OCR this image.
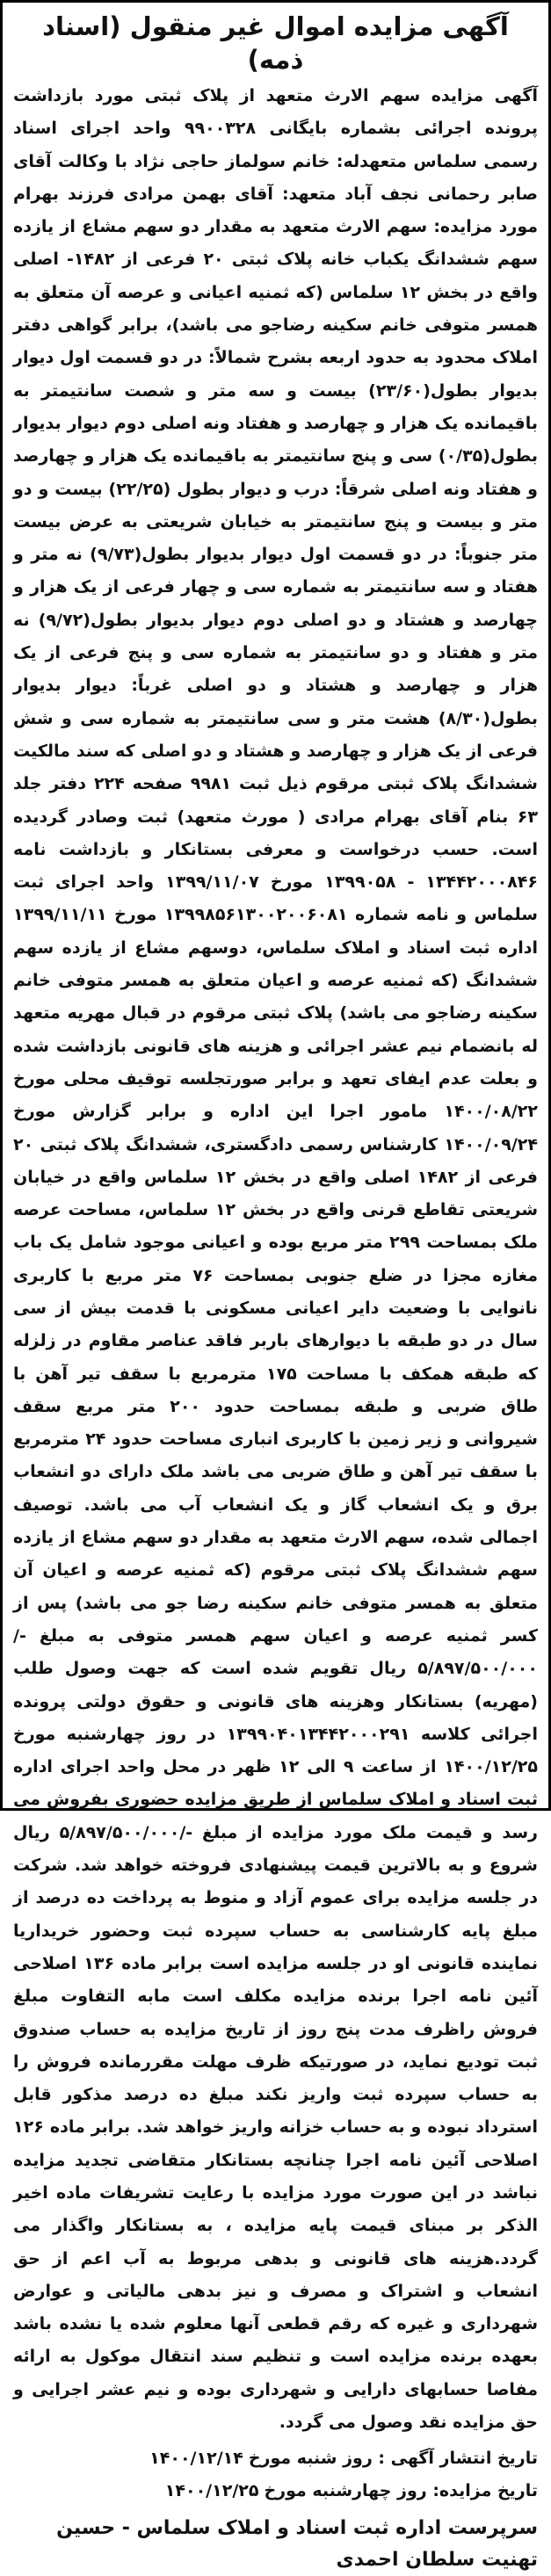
آگهی مزایده اموال غیر منقول (اسناد ذمه)

آگهی مزایده سهم الارث متعهد از پلاک ثبتی مورد بازداشت پرونده اجرائی بشماره بایگانی ۹۹۰۰۳۲۸ واحد اجرای اسناد رسمی سلماس متعهدله: خانم سولماز حاجی نژاد با وکالت آقای صابر رحمانی نجف آباد متعهد: آقای بهمن مرادی فرزند بهرام مورد مزایده: سهم الارث متعهد به مقدار دو سهم مشاع از یازده سهم ششدانگ یکباب خانه پلاک ثبتی ۲۰ فرعی از ۱۴۸۲- اصلی واقع در بخش ۱۲ سلماس (که ثمنیه اعیانی و عرصه آن متعلق به همسر متوفی خانم سکینه رضاجو می باشد)، برابر گواهی دفتر املاک محدود به حدود اربعه بشرح شمالاً: در دو قسمت اول دیوار بدیوار بطول(۲۳/۶۰) بیست و سه متر و شصت سانتیمتر به باقیمانده یک هزار و چهارصد و هفتاد ونه اصلی دوم دیوار بدیوار بطول(۰/۳۵) سی و پنج سانتیمتر به باقیمانده یک هزار و چهارصد و هفتاد ونه اصلی شرقاً: درب و دیوار بطول (۲۲/۲۵) بیست و دو متر و بیست و پنج سانتیمتر به خیابان شریعتی به عرض بیست متر جنوباً: در دو قسمت اول دیوار بدیوار بطول(۹/۷۳) نه متر و هفتاد و سه سانتیمتر به شماره سی و چهار فرعی از یک هزار و چهارصد و هشتاد و دو اصلی دوم دیوار بدیوار بطول(۹/۷۲) نه متر و هفتاد و دو سانتیمتر به شماره سی و پنج فرعی از یک هزار و چهارصد و هشتاد و دو اصلی غرباً: دیوار بدیوار بطول(۸/۳۰) هشت متر و سی سانتیمتر به شماره سی و شش فرعی از یک هزار و چهارصد و هشتاد و دو اصلی که سند مالکیت ششدانگ پلاک ثبتی مرقوم ذیل ثبت ۹۹۸۱ صفحه ۲۲۴ دفتر جلد ۶۳ بنام آقای بهرام مرادی ( مورث متعهد) ثبت وصادر گردیده است. حسب درخواست و معرفی بستانکار و بازداشت نامه ۱۳۴۴۲۰۰۰۸۴۶ - ۱۳۹۹۰۵۸ مورخ ۱۳۹۹/۱۱/۰۷ واحد اجرای ثبت سلماس و نامه شماره ۱۳۹۹۸۵۶۱۳۰۰۲۰۰۶۰۸۱ مورخ ۱۳۹۹/۱۱/۱۱ اداره ثبت اسناد و املاک سلماس، دوسهم مشاع از یازده سهم ششدانگ (که ثمنیه عرصه و اعیان متعلق به همسر متوفی خانم سکینه رضاجو می باشد) پلاک ثبتی مرقوم در قبال مهریه متعهد له بانضمام نیم عشر اجرائی و هزینه های قانونی بازداشت شده و بعلت عدم ایفای تعهد و برابر صورتجلسه توقیف محلی مورخ ۱۴۰۰/۰۸/۲۲ مامور اجرا این اداره و برابر گزارش مورخ ۱۴۰۰/۰۹/۲۴ کارشناس رسمی دادگستری، ششدانگ پلاک ثبتی ۲۰ فرعی از ۱۴۸۲ اصلی واقع در بخش ۱۲ سلماس واقع در خیابان شریعتی تقاطع قرنی واقع در بخش ۱۲ سلماس، مساحت عرصه ملک بمساحت ۲۹۹ متر مربع بوده و اعیانی موجود شامل یک باب مغازه مجزا در ضلع جنوبی بمساحت ۷۶ متر مربع با کاربری نانوایی با وضعیت دایر اعیانی مسکونی با قدمت بیش از سی سال در دو طبقه با دیوارهای باربر فاقد عناصر مقاوم در زلزله که طبقه همکف با مساحت ۱۷۵ مترمربع با سقف تیر آهن با طاق ضربی و طبقه بمساحت حدود ۲۰۰ متر مربع سقف شیروانی و زیر زمین با کاربری انباری مساحت حدود ۲۴ مترمربع با سقف تیر آهن و طاق ضربی می باشد ملک دارای دو انشعاب برق و یک انشعاب گاز و یک انشعاب آب می باشد. توصیف اجمالی شده، سهم الارث متعهد به مقدار دو سهم مشاع از یازده سهم ششدانگ پلاک ثبتی مرقوم (که ثمنیه عرصه و اعیان آن متعلق به همسر متوفی خانم سکینه رضا جو می باشد) پس از کسر ثمنیه عرصه و اعیان سهم همسر متوفی به مبلغ -/۵/۸۹۷/۵۰۰/۰۰۰ ریال تقویم شده است که جهت وصول طلب (مهریه) بستانکار وهزینه های قانونی و حقوق دولتی پرونده اجرائی کلاسه ۱۳۹۹۰۴۰۱۳۴۴۲۰۰۰۲۹۱ در روز چهارشنبه مورخ ۱۴۰۰/۱۲/۲۵ از ساعت ۹ الی ۱۲ ظهر در محل واحد اجرای اداره ثبت اسناد و املاک سلماس از طریق مزایده حضوری بفروش می رسد و قیمت ملک مورد مزایده از مبلغ -/۵/۸۹۷/۵۰۰/۰۰۰ ریال شروع و به بالاترین قیمت پیشنهادی فروخته خواهد شد. شرکت در جلسه مزایده برای عموم آزاد و منوط به پرداخت ده درصد از مبلغ پایه کارشناسی به حساب سپرده ثبت وحضور خریداریا نماینده قانونی او در جلسه مزایده است برابر ماده ۱۳۶ اصلاحی آئین نامه اجرا برنده مزایده مکلف است مابه التفاوت مبلغ فروش راظرف مدت پنج روز از تاریخ مزایده به حساب صندوق ثبت توديع نمايد، در صورتيكه ظرف مهلت مقررمانده فروش را به حساب سپرده ثبت واريز نكند مبلغ ده درصد مذكور قابل استرداد نبوده و به حساب خزانه واريز خواهد شد. برابر ماده ۱۲۶ اصلاحی آئین نامه اجرا چنانچه بستانکار متقاضی تجدید مزایده نباشد در این صورت مورد مزایده با رعایت تشریفات ماده اخیر الذکر بر مبنای قیمت پایه مزایده ، به بستانکار واگذار می گردد.هزینه های قانونی و بدهی مربوط به آب اعم از حق انشعاب و اشتراک و مصرف و نیز بدهی مالیاتی و عوارض شهرداری و غیره که رقم قطعی آنها معلوم شده یا نشده باشد بعهده برنده مزایده است و تنظیم سند انتقال موکول به ارائه مفاصا حسابهای دارایی و شهرداری بوده و نیم عشر اجرایی و حق مزایده نقد وصول می گردد.

تاریخ انتشار آگهی : روز شنبه مورخ
۱۴۰۰/۱۲/۱۴
تاریخ مزایده: روز چهارشنبه مورخ
۱۴۰۰/۱۲/۲۵
سرپرست اداره ثبت اسناد و املاک سلماس - حسین تهنیت سلطان احمدی
